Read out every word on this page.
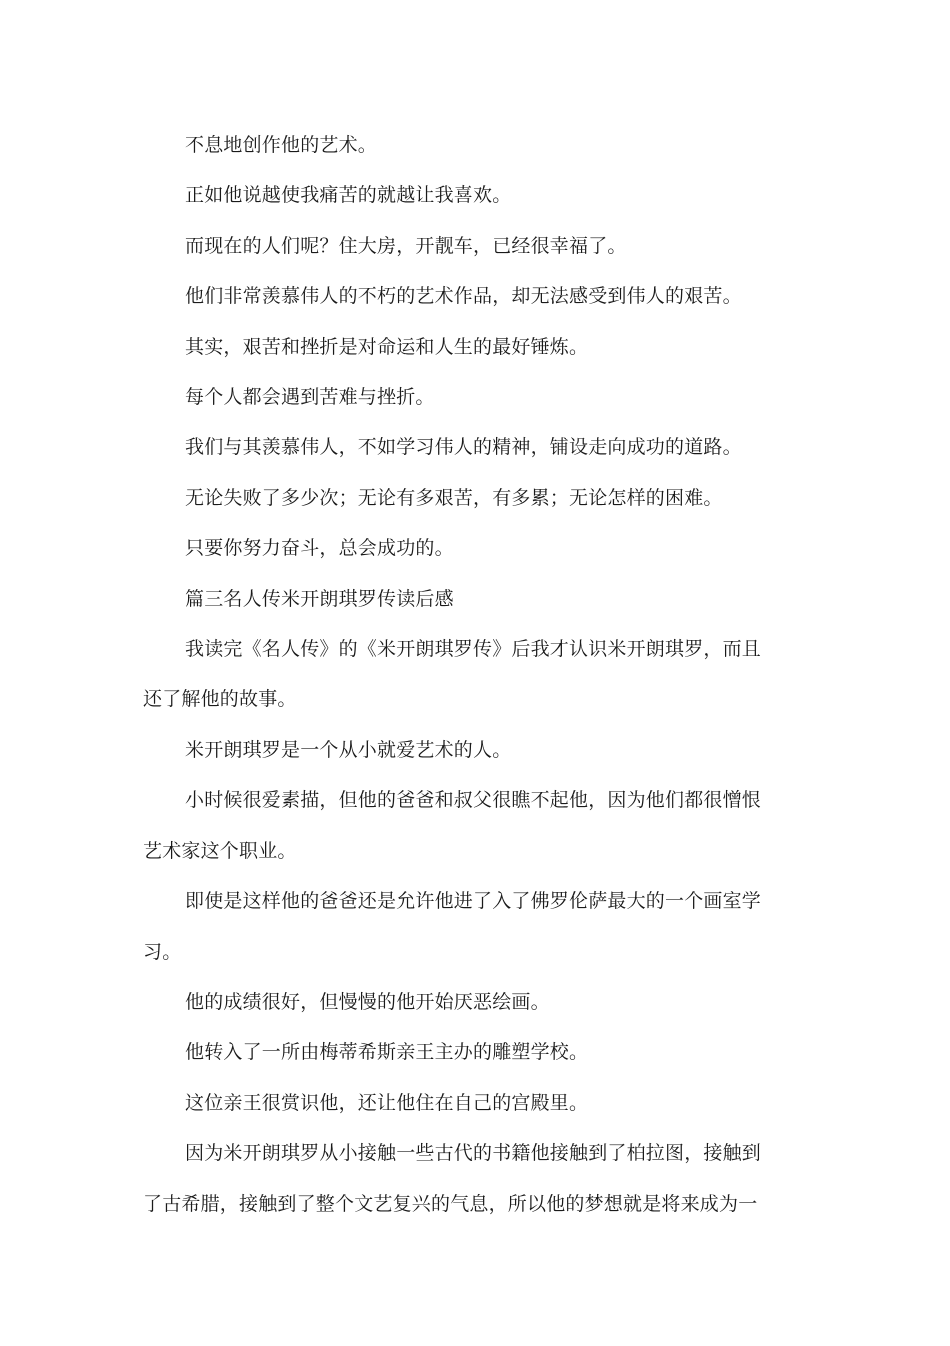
不息地创作他的艺术。

正如他说越使我痛苦的就越让我喜欢。

而现在的人们呢？住大房，开靓车，已经很幸福了。

他们非常羡慕伟人的不朽的艺术作品，却无法感受到伟人的艰苦。

其实，艰苦和挫折是对命运和人生的最好锤炼。

每个人都会遇到苦难与挫折。

我们与其羡慕伟人，不如学习伟人的精神，铺设走向成功的道路。

无论失败了多少次；无论有多艰苦，有多累；无论怎样的困难。

只要你努力奋斗，总会成功的。

篇三名人传米开朗琪罗传读后感

我读完《名人传》的《米开朗琪罗传》后我才认识米开朗琪罗，而且还了解他的故事。

米开朗琪罗是一个从小就爱艺术的人。

小时候很爱素描，但他的爸爸和叔父很瞧不起他，因为他们都很憎恨艺术家这个职业。

即使是这样他的爸爸还是允许他进了入了佛罗伦萨最大的一个画室学习。

他的成绩很好，但慢慢的他开始厌恶绘画。

他转入了一所由梅蒂希斯亲王主办的雕塑学校。

这位亲王很赏识他，还让他住在自己的宫殿里。

因为米开朗琪罗从小接触一些古代的书籍他接触到了柏拉图，接触到了古希腊，接触到了整个文艺复兴的气息，所以他的梦想就是将来成为一
